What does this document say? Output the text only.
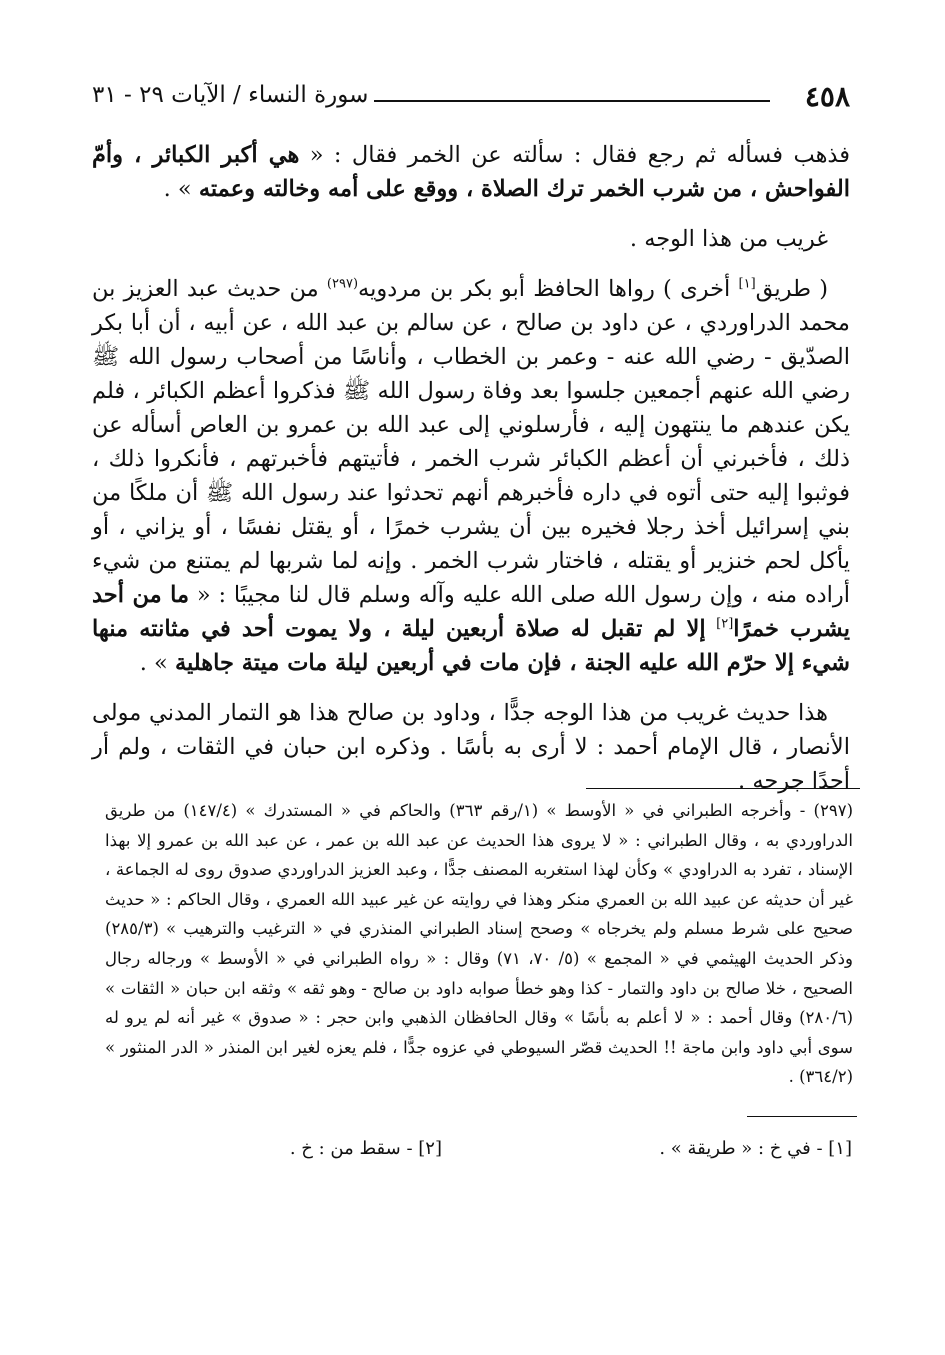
٤٥٨
سورة النساء / الآيات ٢٩ - ٣١

فذهب فسأله ثم رجع فقال : سألته عن الخمر فقال : « هي أكبر الكبائر ، وأمّ الفواحش ، من شرب الخمر ترك الصلاة ، ووقع على أمه وخالته وعمته » .

غريب من هذا الوجه .

( طريق[١] أخرى ) رواها الحافظ أبو بكر بن مردويه$^{(٢٩٧)}$ من حديث عبد العزيز بن محمد الدراوردي ، عن داود بن صالح ، عن سالم بن عبد الله ، عن أبيه ، أن أبا بكر الصدّيق - رضي الله عنه - وعمر بن الخطاب ، وأناسًا من أصحاب رسول الله ﷺ رضي الله عنهم أجمعين جلسوا بعد وفاة رسول الله ﷺ فذكروا أعظم الكبائر ، فلم يكن عندهم ما ينتهون إليه ، فأرسلوني إلى عبد الله بن عمرو بن العاص أسأله عن ذلك ، فأخبرني أن أعظم الكبائر شرب الخمر ، فأتيتهم فأخبرتهم ، فأنكروا ذلك ، فوثبوا إليه حتى أتوه في داره فأخبرهم أنهم تحدثوا عند رسول الله ﷺ أن ملكًا من بني إسرائيل أخذ رجلا فخيره بين أن يشرب خمرًا ، أو يقتل نفسًا ، أو يزاني ، أو يأكل لحم خنزير أو يقتله ، فاختار شرب الخمر . وإنه لما شربها لم يمتنع من شيء أراده منه ، وإن رسول الله صلى الله عليه وآله وسلم قال لنا مجيبًا : « ما من أحد يشرب خمرًا[٢] إلا لم تقبل له صلاة أربعين ليلة ، ولا يموت أحد في مثانته منها شيء إلا حرّم الله عليه الجنة ، فإن مات في أربعين ليلة مات ميتة جاهلية » .

هذا حديث غريب من هذا الوجه جدًّا ، وداود بن صالح هذا هو التمار المدني مولى الأنصار ، قال الإمام أحمد : لا أرى به بأسًا . وذكره ابن حبان في الثقات ، ولم أر أحدًا جرحه .

(٢٩٧) - وأخرجه الطبراني في « الأوسط » (١/رقم ٣٦٣) والحاكم في « المستدرك » (١٤٧/٤) من طريق الدراوردي به ، وقال الطبراني : « لا يروى هذا الحديث عن عبد الله بن عمر ، عن عبد الله بن عمرو إلا بهذا الإسناد ، تفرد به الدراودي » وكأن لهذا استغربه المصنف جدًّا ، وعبد العزيز الدراوردي صدوق روى له الجماعة ، غير أن حديثه عن عبيد الله بن العمري منكر وهذا في روايته عن غير عبيد الله العمري ، وقال الحاكم : « حديث صحيح على شرط مسلم ولم يخرجاه » وصحح إسناد الطبراني المنذري في « الترغيب والترهيب » (٢٨٥/٣) وذكر الحديث الهيثمي في « المجمع » (٥/ ٧٠، ٧١) وقال : « رواه الطبراني في « الأوسط » ورجاله رجال الصحيح ، خلا صالح بن داود والتمار - كذا وهو خطأ صوابه داود بن صالح - وهو ثقه » وثقه ابن حبان « الثقات » (٢٨٠/٦) وقال أحمد : « لا أعلم به بأسًا » وقال الحافظان الذهبي وابن حجر : « صدوق » غير أنه لم يرو له سوى أبي داود وابن ماجة !! الحديث قصّر السيوطي في عزوه جدًّا ، فلم يعزه لغير ابن المنذر « الدر المنثور » (٣٦٤/٢) .

[١] - في خ : « طريقة » .
[٢] - سقط من : خ .
